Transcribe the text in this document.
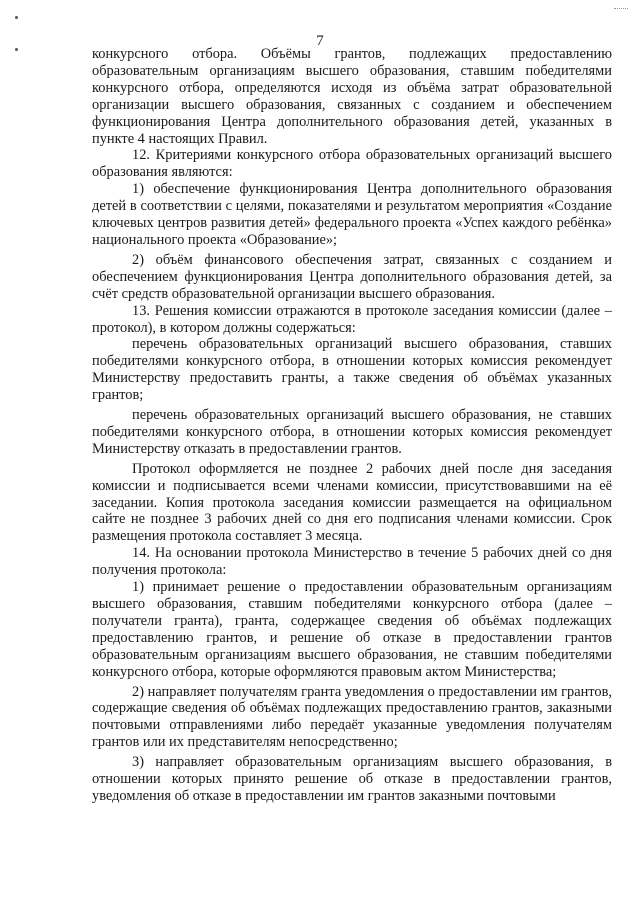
7

конкурсного отбора. Объёмы грантов, подлежащих предоставлению образовательным организациям высшего образования, ставшим победителями конкурсного отбора, определяются исходя из объёма затрат образовательной организации высшего образования, связанных с созданием и обеспечением функционирования Центра дополнительного образования детей, указанных в пункте 4 настоящих Правил.

12. Критериями конкурсного отбора образовательных организаций высшего образования являются:

1) обеспечение функционирования Центра дополнительного образования детей в соответствии с целями, показателями и результатом мероприятия «Создание ключевых центров развития детей» федерального проекта «Успех каждого ребёнка» национального проекта «Образование»;

2) объём финансового обеспечения затрат, связанных с созданием и обеспечением функционирования Центра дополнительного образования детей, за счёт средств образовательной организации высшего образования.

13. Решения комиссии отражаются в протоколе заседания комиссии (далее – протокол), в котором должны содержаться:

перечень образовательных организаций высшего образования, ставших победителями конкурсного отбора, в отношении которых комиссия рекомендует Министерству предоставить гранты, а также сведения об объёмах указанных грантов;

перечень образовательных организаций высшего образования, не ставших победителями конкурсного отбора, в отношении которых комиссия рекомендует Министерству отказать в предоставлении грантов.

Протокол оформляется не позднее 2 рабочих дней после дня заседания комиссии и подписывается всеми членами комиссии, присутствовавшими на её заседании. Копия протокола заседания комиссии размещается на официальном сайте не позднее 3 рабочих дней со дня его подписания членами комиссии. Срок размещения протокола составляет 3 месяца.

14. На основании протокола Министерство в течение 5 рабочих дней со дня получения протокола:

1) принимает решение о предоставлении образовательным организациям высшего образования, ставшим победителями конкурсного отбора (далее – получатели гранта), гранта, содержащее сведения об объёмах подлежащих предоставлению грантов, и решение об отказе в предоставлении грантов образовательным организациям высшего образования, не ставшим победителями конкурсного отбора, которые оформляются правовым актом Министерства;

2) направляет получателям гранта уведомления о предоставлении им грантов, содержащие сведения об объёмах подлежащих предоставлению грантов, заказными почтовыми отправлениями либо передаёт указанные уведомления получателям грантов или их представителям непосредственно;

3) направляет образовательным организациям высшего образования, в отношении которых принято решение об отказе в предоставлении грантов, уведомления об отказе в предоставлении им грантов заказными почтовыми
